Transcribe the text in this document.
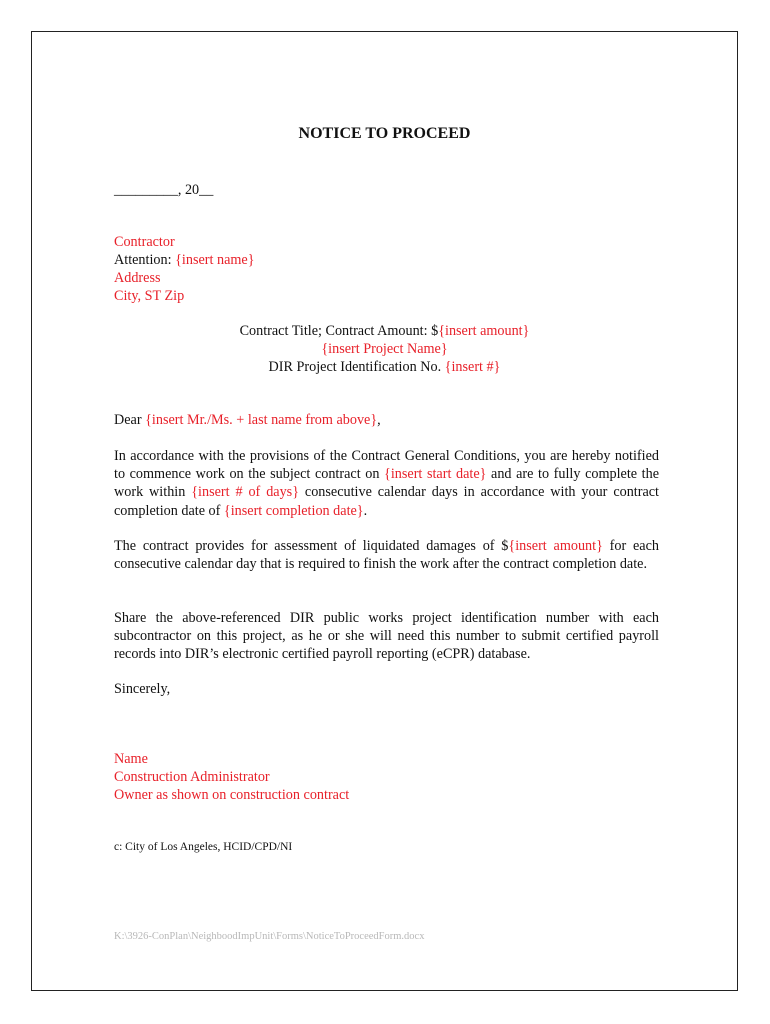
NOTICE TO PROCEED
_________, 20__
Contractor
Attention: {insert name}
Address
City, ST Zip
Contract Title; Contract Amount: ${insert amount}
{insert Project Name}
DIR Project Identification No. {insert #}
Dear {insert Mr./Ms. + last name from above},
In accordance with the provisions of the Contract General Conditions, you are hereby notified to commence work on the subject contract on {insert start date} and are to fully complete the work within {insert # of days} consecutive calendar days in accordance with your contract completion date of {insert completion date}.
The contract provides for assessment of liquidated damages of ${insert amount} for each consecutive calendar day that is required to finish the work after the contract completion date.
Share the above-referenced DIR public works project identification number with each subcontractor on this project, as he or she will need this number to submit certified payroll records into DIR’s electronic certified payroll reporting (eCPR) database.
Sincerely,
Name
Construction Administrator
Owner as shown on construction contract
c: City of Los Angeles, HCID/CPD/NI
K:\3926-ConPlan\NeighboodImpUnit\Forms\NoticeToProceedForm.docx
